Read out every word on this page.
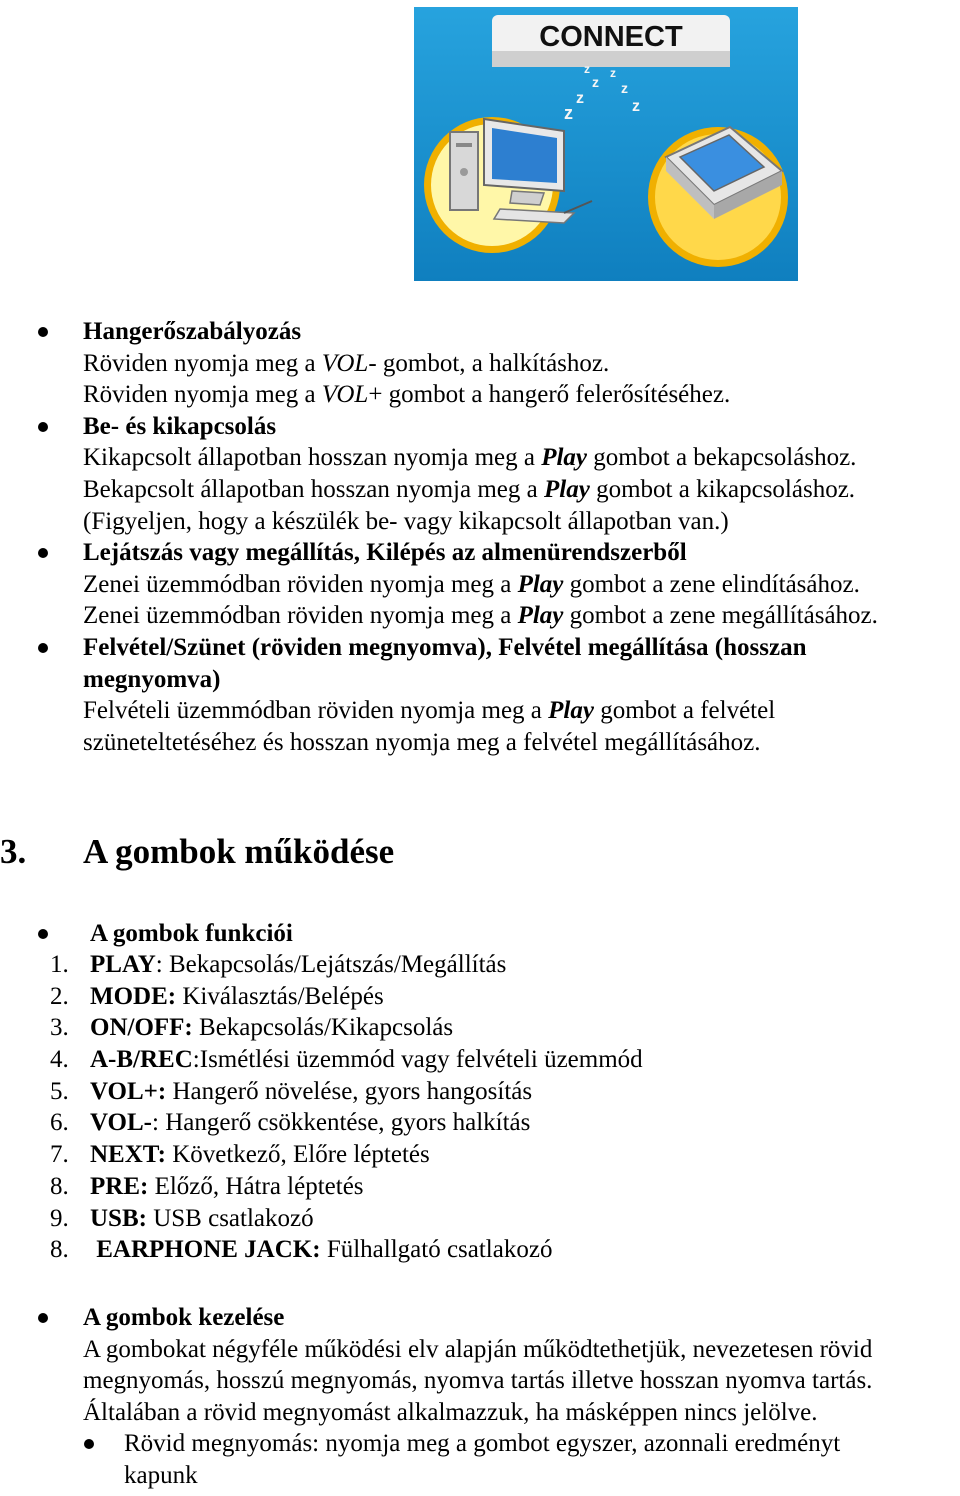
CONNECT
z
z
z
z
z
z
z
Hangerőszabályozás
Röviden nyomja meg a VOL- gombot, a halkításhoz.
Röviden nyomja meg a VOL+ gombot a hangerő felerősítéséhez.
Be- és kikapcsolás
Kikapcsolt állapotban hosszan nyomja meg a Play gombot a bekapcsoláshoz.
Bekapcsolt állapotban hosszan nyomja meg a Play gombot a kikapcsoláshoz.
(Figyeljen, hogy a készülék be- vagy kikapcsolt állapotban van.)
Lejátszás vagy megállítás, Kilépés az almenürendszerből
Zenei üzemmódban röviden nyomja meg a Play gombot a zene elindításához.
Zenei üzemmódban röviden nyomja meg a Play gombot a zene megállításához.
Felvétel/Szünet (röviden megnyomva), Felvétel megállítása (hosszan
megnyomva)
Felvételi üzemmódban röviden nyomja meg a Play gombot a felvétel
szüneteltetéséhez és hosszan nyomja meg a felvétel megállításához.
3. A gombok működése
A gombok funkciói
1. PLAY: Bekapcsolás/Lejátszás/Megállítás
2. MODE: Kiválasztás/Belépés
3. ON/OFF: Bekapcsolás/Kikapcsolás
4. A-B/REC:Ismétlési üzemmód vagy felvételi üzemmód
5. VOL+: Hangerő növelése, gyors hangosítás
6. VOL-: Hangerő csökkentése, gyors halkítás
7. NEXT: Következő, Előre léptetés
8. PRE: Előző, Hátra léptetés
9. USB: USB csatlakozó
8. EARPHONE JACK: Fülhallgató csatlakozó
A gombok kezelése
A gombokat négyféle működési elv alapján működtethetjük, nevezetesen rövid
megnyomás, hosszú megnyomás, nyomva tartás illetve hosszan nyomva tartás.
Általában a rövid megnyomást alkalmazzuk, ha másképpen nincs jelölve.
Rövid megnyomás: nyomja meg a gombot egyszer, azonnali eredményt
kapunk
